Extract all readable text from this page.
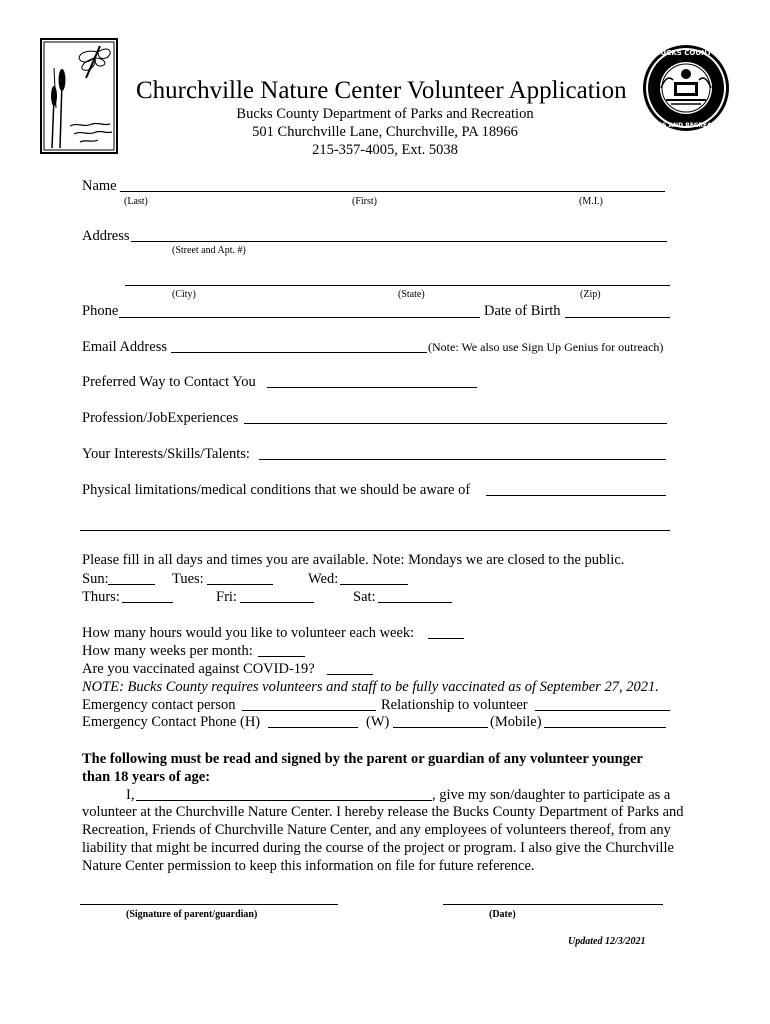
BUCKS COUNTY
PARKS AND RECREATION
Churchville Nature Center Volunteer Application
Bucks County Department of Parks and Recreation
501 Churchville Lane, Churchville, PA 18966
215-357-4005, Ext. 5038
Name
(Last)	(First)	(M.I.)
Address
(Street and Apt. #)
(City)	(State)	(Zip)
Phone	Date of Birth
Email Address	(Note: We also use Sign Up Genius for outreach)
Preferred Way to Contact You
Profession/JobExperiences
Your Interests/Skills/Talents:
Physical limitations/medical conditions that we should be aware of
Please fill in all days and times you are available. Note: Mondays we are closed to the public.
Sun:	Tues:	Wed:
Thurs:	Fri:	Sat:
How many hours would you like to volunteer each week:
How many weeks per month:
Are you vaccinated against COVID-19?
NOTE: Bucks County requires volunteers and staff to be fully vaccinated as of September 27, 2021.
Emergency contact person	Relationship to volunteer
Emergency Contact Phone (H)	(W)	(Mobile)
The following must be read and signed by the parent or guardian of any volunteer younger than 18 years of age:
I,	, give my son/daughter to participate as a
volunteer at the Churchville Nature Center. I hereby release the Bucks County Department of Parks and Recreation, Friends of Churchville Nature Center, and any employees of volunteers thereof, from any liability that might be incurred during the course of the project or program. I also give the Churchville Nature Center permission to keep this information on file for future reference.
(Signature of parent/guardian)	(Date)
Updated 12/3/2021
